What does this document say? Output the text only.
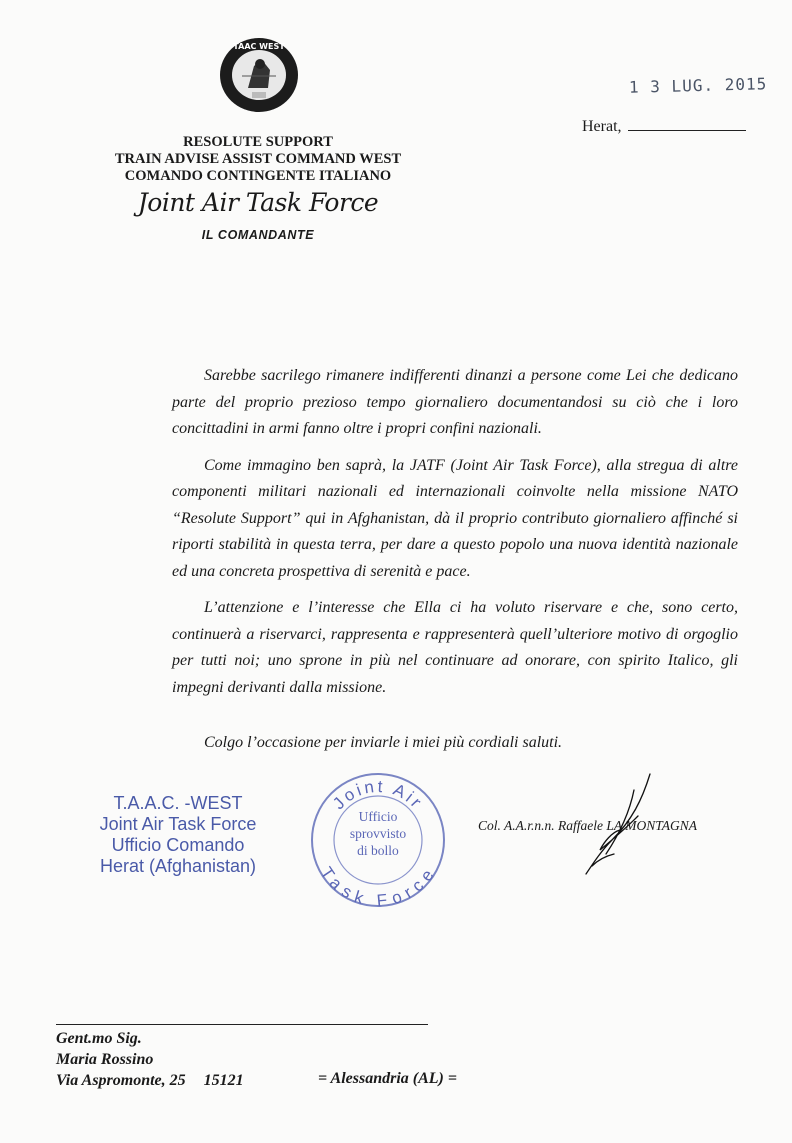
TAAC WEST
1 3 LUG. 2015
Herat,
RESOLUTE SUPPORT
TRAIN ADVISE ASSIST COMMAND WEST
COMANDO CONTINGENTE ITALIANO
Joint Air Task Force
IL COMANDANTE

Sarebbe sacrilego rimanere indifferenti dinanzi a persone come Lei che dedicano parte del proprio prezioso tempo giornaliero documentandosi su ciò che i loro concittadini in armi fanno oltre i propri confini nazionali.

Come immagino ben saprà, la JATF (Joint Air Task Force), alla stregua di altre componenti militari nazionali ed internazionali coinvolte nella missione NATO “Resolute Support” qui in Afghanistan, dà il proprio contributo giornaliero affinché si riporti stabilità in questa terra, per dare a questo popolo una nuova identità nazionale ed una concreta prospettiva di serenità e pace.

L’attenzione e l’interesse che Ella ci ha voluto riservare e che, sono certo, continuerà a riservarci, rappresenta e rappresenterà quell’ulteriore motivo di orgoglio per tutti noi; uno sprone in più nel continuare ad onorare, con spirito Italico, gli impegni derivanti dalla missione.

Colgo l’occasione per inviarle i miei più cordiali saluti.
T.A.A.C. -WEST
Joint Air Task Force
Ufficio Comando
Herat (Afghanistan)
Joint Air
Task Force
Ufficio
sprovvisto
di bollo
Col. A.A.r.n.n. Raffaele LA MONTAGNA
Gent.mo Sig.
Maria Rossino
Via Aspromonte, 25 15121	= Alessandria (AL) =
